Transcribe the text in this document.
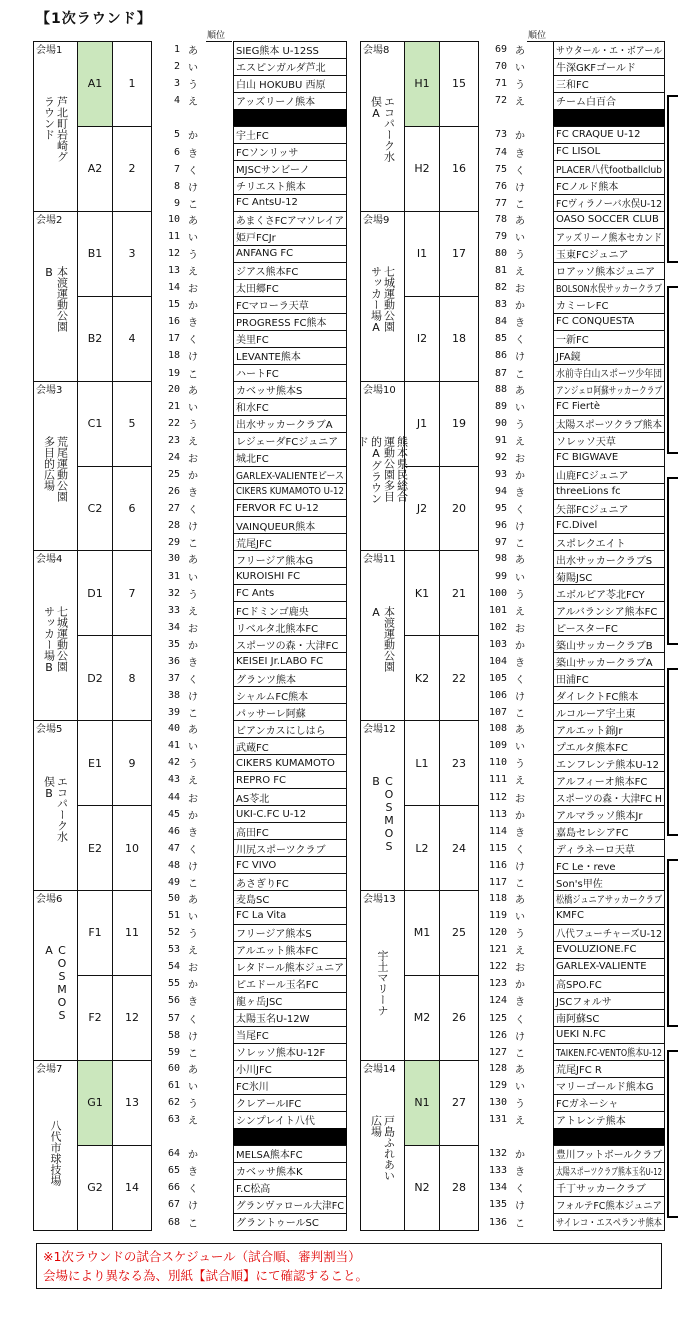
【1次ラウンド】
順位	順位
会場1
芦北町岩崎グラウンド
A1
A2
1
2
1
2
3
4
5
6
7
8
9
あ
い
う
え
か
き
く
け
こ
SIEG熊本 U-12SS
エスピンガルダ芦北
白山 HOKUBU 西原
アッズリーノ熊本
宇土FC
FCソンリッサ
MJSCサンビーノ
チリエスト熊本
FC AntsU-12
会場2
本渡運動公園B
B1
B2
3
4
10
11
12
13
14
15
16
17
18
19
あ
い
う
え
お
か
き
く
け
こ
あまくさFCアマソレイア
姫戸FCJr
ANFANG FC
ジアス熊本FC
太田郷FC
FCマローラ天草
PROGRESS FC熊本
美里FC
LEVANTE熊本
ハートFC
会場3
荒尾運動公園多目的広場
C1
C2
5
6
20
21
22
23
24
25
26
27
28
29
あ
い
う
え
お
か
き
く
け
こ
カベッサ熊本S
和水FC
出水サッカークラブA
レジェーダFCジュニア
城北FC
GARLEX-VALIENTEピース
CIKERS KUMAMOTO U-12
FERVOR FC U-12
VAINQUEUR熊本
荒尾JFC
会場4
七城運動公園サッカー場B
D1
D2
7
8
30
31
32
33
34
35
36
37
38
39
あ
い
う
え
お
か
き
く
け
こ
フリージア熊本G
KUROISHI FC
FC Ants
FCドミンゴ鹿央
リベルタ北熊本FC
スポーツの森・大津FC
KEISEI Jr.LABO FC
グランツ熊本
シャルムFC熊本
パッサーレ阿蘇
会場5
エコパーク水俣B
E1
E2
9
10
40
41
42
43
44
45
46
47
48
49
あ
い
う
え
お
か
き
く
け
こ
ビアンカスにしはら
武蔵FC
CIKERS KUMAMOTO
REPRO FC
AS苓北
UKI-C.FC U-12
高田FC
川尻スポーツクラブ
FC VIVO
あさぎりFC
会場6
COSMOS A
F1
F2
11
12
50
51
52
53
54
55
56
57
58
59
あ
い
う
え
お
か
き
く
け
こ
麦島SC
FC La Vita
フリージア熊本S
アルエット熊本FC
レタドール熊本ジュニア
ピエドール玉名FC
龍ヶ岳JSC
太陽玉名U-12W
当尾FC
ソレッソ熊本U-12F
会場7
八代市球技場
G1
G2
13
14
60
61
62
63
64
65
66
67
68
あ
い
う
え
か
き
く
け
こ
小川JFC
FC氷川
クレアールIFC
シンプレイト八代
MELSA熊本FC
カベッサ熊本K
F.C松高
グランヴァロール大津FC
グラントゥールSC
会場8
エコパーク水俣A
H1
H2
15
16
69
70
71
72
73
74
75
76
77
あ
い
う
え
か
き
く
け
こ
サウタール・エ・ボアール
牛深GKFゴールド
三和FC
チーム白百合
FC CRAQUE U-12
FC LISOL
PLACER八代footballclub
FCノルド熊本
FCヴィラノーバ水俣U-12
会場9
七城運動公園サッカー場A
I1
I2
17
18
78
79
80
81
82
83
84
85
86
87
あ
い
う
え
お
か
き
く
け
こ
OASO SOCCER CLUB
アッズリーノ熊本セカンド
玉東FCジュニア
ロアッソ熊本ジュニア
BOLSON水俣サッカークラブ
カミーレFC
FC CONQUESTA
一新FC
JFA鏡
水前寺白山スポーツ少年団
会場10
熊本県民総合運動公園多目的Aグラウンド
J1
J2
19
20
88
89
90
91
92
93
94
95
96
97
あ
い
う
え
お
か
き
く
け
こ
アンジェロ阿蘇サッカークラブ
FC Fiertè
太陽スポーツクラブ熊本
ソレッソ天草
FC BIGWAVE
山鹿FCジュニア
threeLions fc
矢部FCジュニア
FC.Divel
スポレクエイト
会場11
本渡運動公園A
K1
K2
21
22
98
99
100
101
102
103
104
105
106
107
あ
い
う
え
お
か
き
く
け
こ
出水サッカークラブS
菊陽JSC
エボルピア苓北FCY
アルバランシア熊本FC
ピースターFC
築山サッカークラブB
築山サッカークラブA
田浦FC
ダイレクトFC熊本
ルコルーア宇土東
会場12
COSMOS B
L1
L2
23
24
108
109
110
111
112
113
114
115
116
117
あ
い
う
え
お
か
き
く
け
こ
アルエット錦Jr
プエルタ熊本FC
エンフレンテ熊本U-12
アルフィーオ熊本FC
スポーツの森・大津FC H
アルマラッソ熊本Jr
嘉島セレシアFC
ディラネーロ天草
FC Le・reve
Son's甲佐
会場13
宇土マリーナ
M1
M2
25
26
118
119
120
121
122
123
124
125
126
127
あ
い
う
え
お
か
き
く
け
こ
松橋ジュニアサッカークラブ
KMFC
八代フューチャーズU-12
EVOLUZIONE.FC
GARLEX-VALIENTE
高SPO.FC
JSCフォルサ
南阿蘇SC
UEKI N.FC
TAIKEN.FC-VENTO熊本U-12
会場14
戸島ふれあい広場
N1
N2
27
28
128
129
130
131
132
133
134
135
136
あ
い
う
え
か
き
く
け
こ
荒尾JFC R
マリーゴールド熊本G
FCガネーシャ
アトレンテ熊本
豊川フットボールクラブ
太陽スポーツクラブ熊本玉名U-12
千丁サッカークラブ
フォルテFC熊本ジュニア
サイレコ・エスペランサ熊本
※1次ラウンドの試合スケジュール（試合順、審判割当）
会場により異なる為、別紙【試合順】にて確認すること。
